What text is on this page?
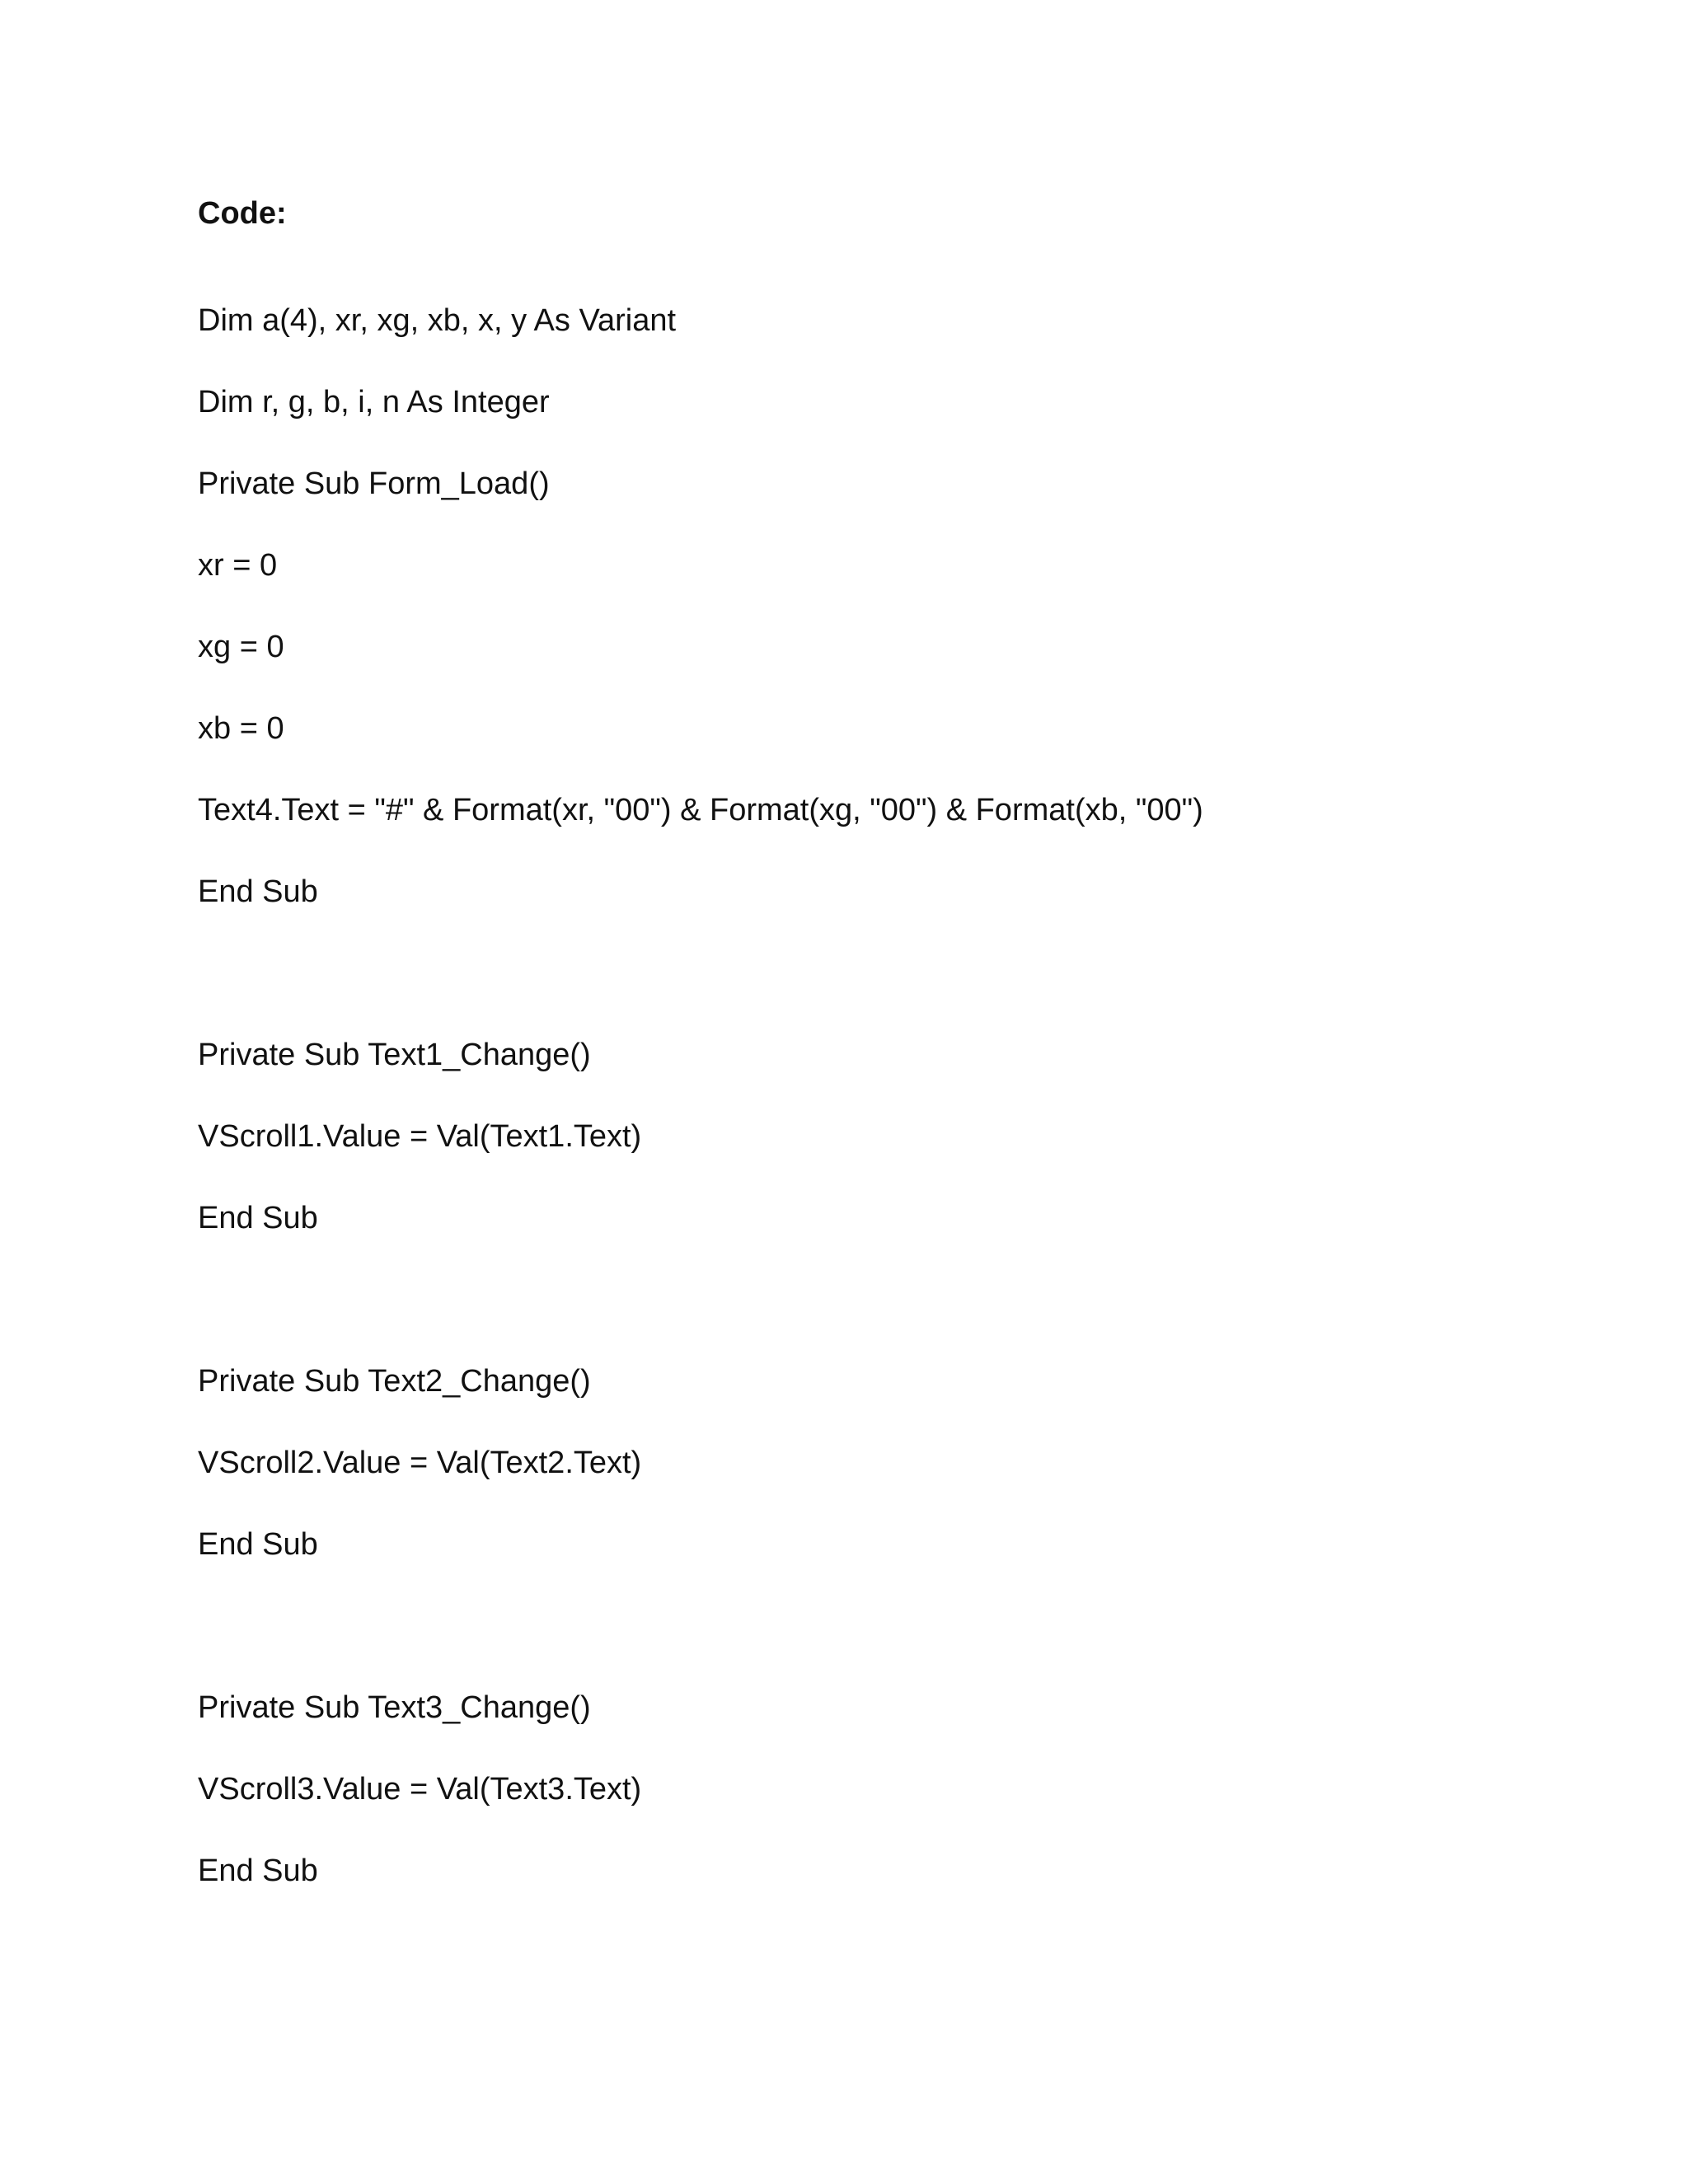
Code:
Dim a(4), xr, xg, xb, x, y As Variant
Dim r, g, b, i, n As Integer
Private Sub Form_Load()
xr = 0
xg = 0
xb = 0
Text4.Text = "#" & Format(xr, "00") & Format(xg, "00") & Format(xb, "00")
End Sub
Private Sub Text1_Change()
VScroll1.Value = Val(Text1.Text)
End Sub
Private Sub Text2_Change()
VScroll2.Value = Val(Text2.Text)
End Sub
Private Sub Text3_Change()
VScroll3.Value = Val(Text3.Text)
End Sub
